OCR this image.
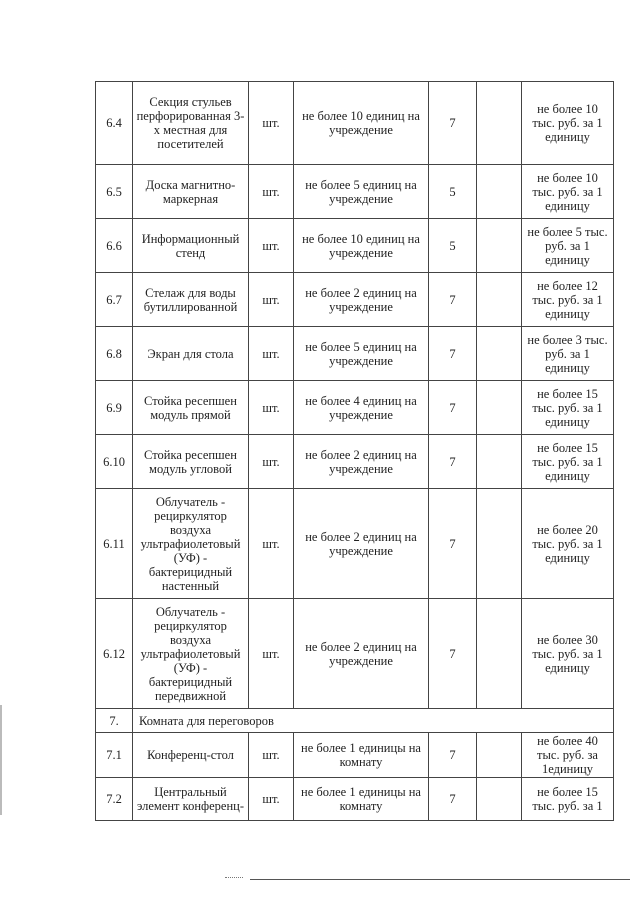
6.4	Секция стульев перфорированная 3-х местная для посетителей	шт.	не более 10 единиц на учреждение	7		не более 10 тыс. руб. за 1 единицу
6.5	Доска магнитно-маркерная	шт.	не более 5 единиц на учреждение	5		не более 10 тыс. руб. за 1 единицу
6.6	Информационный стенд	шт.	не более 10 единиц на учреждение	5		не более 5 тыс. руб. за 1 единицу
6.7	Стелаж для воды бутиллированной	шт.	не более 2 единиц на учреждение	7		не более 12 тыс. руб. за 1 единицу
6.8	Экран для стола	шт.	не более 5 единиц на учреждение	7		не более 3 тыс. руб. за 1 единицу
6.9	Стойка ресепшен модуль прямой	шт.	не более 4 единиц на учреждение	7		не более 15 тыс. руб. за 1 единицу
6.10	Стойка ресепшен модуль угловой	шт.	не более 2 единиц на учреждение	7		не более 15 тыс. руб. за 1 единицу
6.11	Облучатель - рециркулятор воздуха ультрафиолетовый (УФ) - бактерицидный настенный	шт.	не более 2 единиц на учреждение	7		не более 20 тыс. руб. за 1 единицу
6.12	Облучатель - рециркулятор воздуха ультрафиолетовый (УФ) - бактерицидный передвижной	шт.	не более 2 единиц на учреждение	7		не более 30 тыс. руб. за 1 единицу
7.	Комната для переговоров					
7.1	Конференц-стол	шт.	не более 1 единицы на комнату	7		не более 40 тыс. руб. за 1единицу
7.2	Центральный элемент конференц-	шт.	не более 1 единицы на комнату	7		не более 15 тыс. руб. за 1
